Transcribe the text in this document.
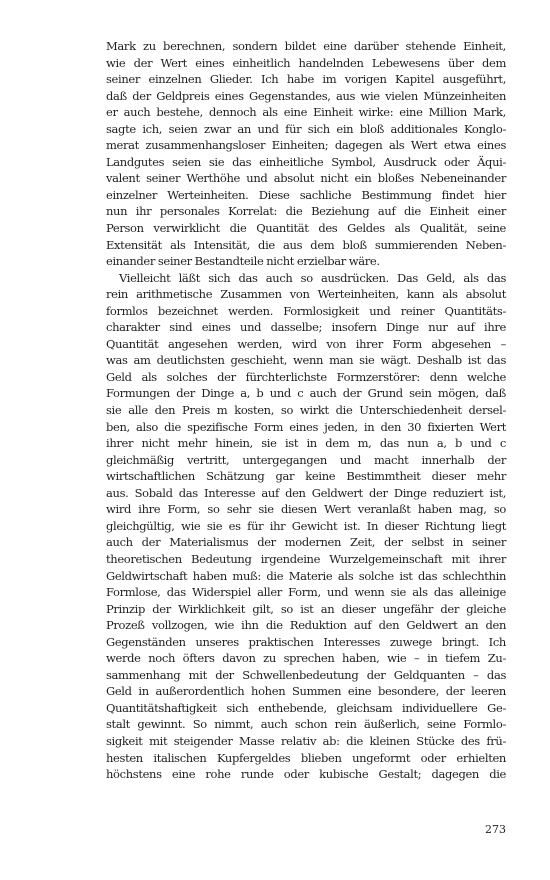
Mark zu berechnen, sondern bildet eine darüber stehende Einheit,
wie der Wert eines einheitlich handelnden Lebewesens über dem
seiner einzelnen Glieder. Ich habe im vorigen Kapitel ausgeführt,
daß der Geldpreis eines Gegenstandes, aus wie vielen Münzeinheiten
er auch bestehe, dennoch als eine Einheit wirke: eine Million Mark,
sagte ich, seien zwar an und für sich ein bloß additionales Konglo-
merat zusammenhangsloser Einheiten; dagegen als Wert etwa eines
Landgutes seien sie das einheitliche Symbol, Ausdruck oder Äqui-
valent seiner Werthöhe und absolut nicht ein bloßes Nebeneinander
einzelner Werteinheiten. Diese sachliche Bestimmung findet hier
nun ihr personales Korrelat: die Beziehung auf die Einheit einer
Person verwirklicht die Quantität des Geldes als Qualität, seine
Extensität als Intensität, die aus dem bloß summierenden Neben-
einander seiner Bestandteile nicht erzielbar wäre.
Vielleicht läßt sich das auch so ausdrücken. Das Geld, als das
rein arithmetische Zusammen von Werteinheiten, kann als absolut
formlos bezeichnet werden. Formlosigkeit und reiner Quantitäts-
charakter sind eines und dasselbe; insofern Dinge nur auf ihre
Quantität angesehen werden, wird von ihrer Form abgesehen –
was am deutlichsten geschieht, wenn man sie wägt. Deshalb ist das
Geld als solches der fürchterlichste Formzerstörer: denn welche
Formungen der Dinge a, b und c auch der Grund sein mögen, daß
sie alle den Preis m kosten, so wirkt die Unterschiedenheit dersel-
ben, also die spezifische Form eines jeden, in den 30 fixierten Wert
ihrer nicht mehr hinein, sie ist in dem m, das nun a, b und c
gleichmäßig vertritt, untergegangen und macht innerhalb der
wirtschaftlichen Schätzung gar keine Bestimmtheit dieser mehr
aus. Sobald das Interesse auf den Geldwert der Dinge reduziert ist,
wird ihre Form, so sehr sie diesen Wert veranlaßt haben mag, so
gleichgültig, wie sie es für ihr Gewicht ist. In dieser Richtung liegt
auch der Materialismus der modernen Zeit, der selbst in seiner
theoretischen Bedeutung irgendeine Wurzelgemeinschaft mit ihrer
Geldwirtschaft haben muß: die Materie als solche ist das schlechthin
Formlose, das Widerspiel aller Form, und wenn sie als das alleinige
Prinzip der Wirklichkeit gilt, so ist an dieser ungefähr der gleiche
Prozeß vollzogen, wie ihn die Reduktion auf den Geldwert an den
Gegenständen unseres praktischen Interesses zuwege bringt. Ich
werde noch öfters davon zu sprechen haben, wie – in tiefem Zu-
sammenhang mit der Schwellenbedeutung der Geldquanten – das
Geld in außerordentlich hohen Summen eine besondere, der leeren
Quantitätshaftigkeit sich enthebende, gleichsam individuellere Ge-
stalt gewinnt. So nimmt, auch schon rein äußerlich, seine Formlo-
sigkeit mit steigender Masse relativ ab: die kleinen Stücke des frü-
hesten italischen Kupfergeldes blieben ungeformt oder erhielten
höchstens eine rohe runde oder kubische Gestalt; dagegen die
273
